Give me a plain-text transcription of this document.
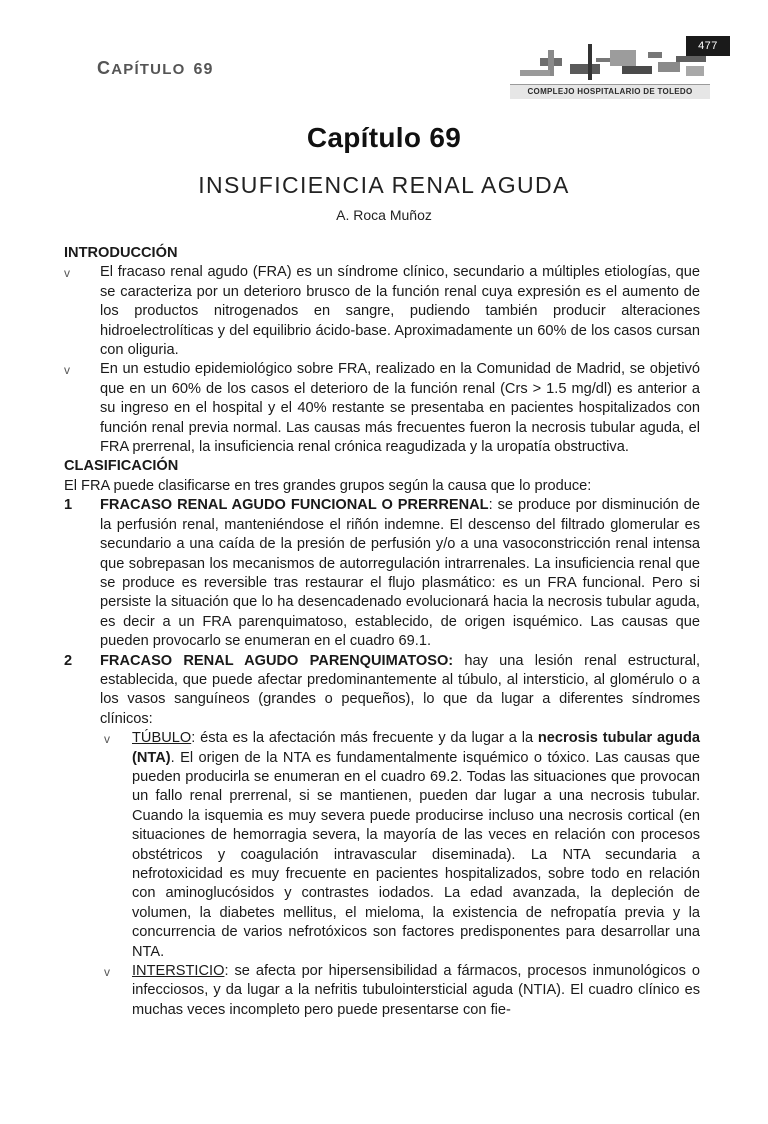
477
CAPÍTULO 69
COMPLEJO HOSPITALARIO DE TOLEDO
Capítulo 69
INSUFICIENCIA RENAL AGUDA
A. Roca Muñoz

INTRODUCCIÓN

v El fracaso renal agudo (FRA) es un síndrome clínico, secundario a múltiples etiologías, que se caracteriza por un deterioro brusco de la función renal cuya expresión es el aumento de los productos nitrogenados en sangre, pudiendo también producir alteraciones hidroelectrolíticas y del equilibrio ácido-base. Aproximadamente un 60% de los casos cursan con oliguria.

v En un estudio epidemiológico sobre FRA, realizado en la Comunidad de Madrid, se objetivó que en un 60% de los casos el deterioro de la función renal (Crs > 1.5 mg/dl) es anterior a su ingreso en el hospital y el 40% restante se presentaba en pacientes hospitalizados con función renal previa normal. Las causas más frecuentes fueron la necrosis tubular aguda, el FRA prerrenal, la insuficiencia renal crónica reagudizada y la uropatía obstructiva.

CLASIFICACIÓN

El FRA puede clasificarse en tres grandes grupos según la causa que lo produce:

1 FRACASO RENAL AGUDO FUNCIONAL O PRERRENAL: se produce por disminución de la perfusión renal, manteniéndose el riñón indemne. El descenso del filtrado glomerular es secundario a una caída de la presión de perfusión y/o a una vasoconstricción renal intensa que sobrepasan los mecanismos de autorregulación intrarrenales. La insuficiencia renal que se produce es reversible tras restaurar el flujo plasmático: es un FRA funcional. Pero si persiste la situación que lo ha desencadenado evolucionará hacia la necrosis tubular aguda, es decir a un FRA parenquimatoso, establecido, de origen isquémico. Las causas que pueden provocarlo se enumeran en el cuadro 69.1.

2 FRACASO RENAL AGUDO PARENQUIMATOSO: hay una lesión renal estructural, establecida, que puede afectar predominantemente al túbulo, al intersticio, al glomérulo o a los vasos sanguíneos (grandes o pequeños), lo que da lugar a diferentes síndromes clínicos:

v TÚBULO: ésta es la afectación más frecuente y da lugar a la necrosis tubular aguda (NTA). El origen de la NTA es fundamentalmente isquémico o tóxico. Las causas que pueden producirla se enumeran en el cuadro 69.2. Todas las situaciones que provocan un fallo renal prerrenal, si se mantienen, pueden dar lugar a una necrosis tubular. Cuando la isquemia es muy severa puede producirse incluso una necrosis cortical (en situaciones de hemorragia severa, la mayoría de las veces en relación con procesos obstétricos y coagulación intravascular diseminada). La NTA secundaria a nefrotoxicidad es muy frecuente en pacientes hospitalizados, sobre todo en relación con aminoglucósidos y contrastes iodados. La edad avanzada, la depleción de volumen, la diabetes mellitus, el mieloma, la existencia de nefropatía previa y la concurrencia de varios nefrotóxicos son factores predisponentes para desarrollar una NTA.

v INTERSTICIO: se afecta por hipersensibilidad a fármacos, procesos inmunológicos o infecciosos, y da lugar a la nefritis tubulointersticial aguda (NTIA). El cuadro clínico es muchas veces incompleto pero puede presentarse con fie-
